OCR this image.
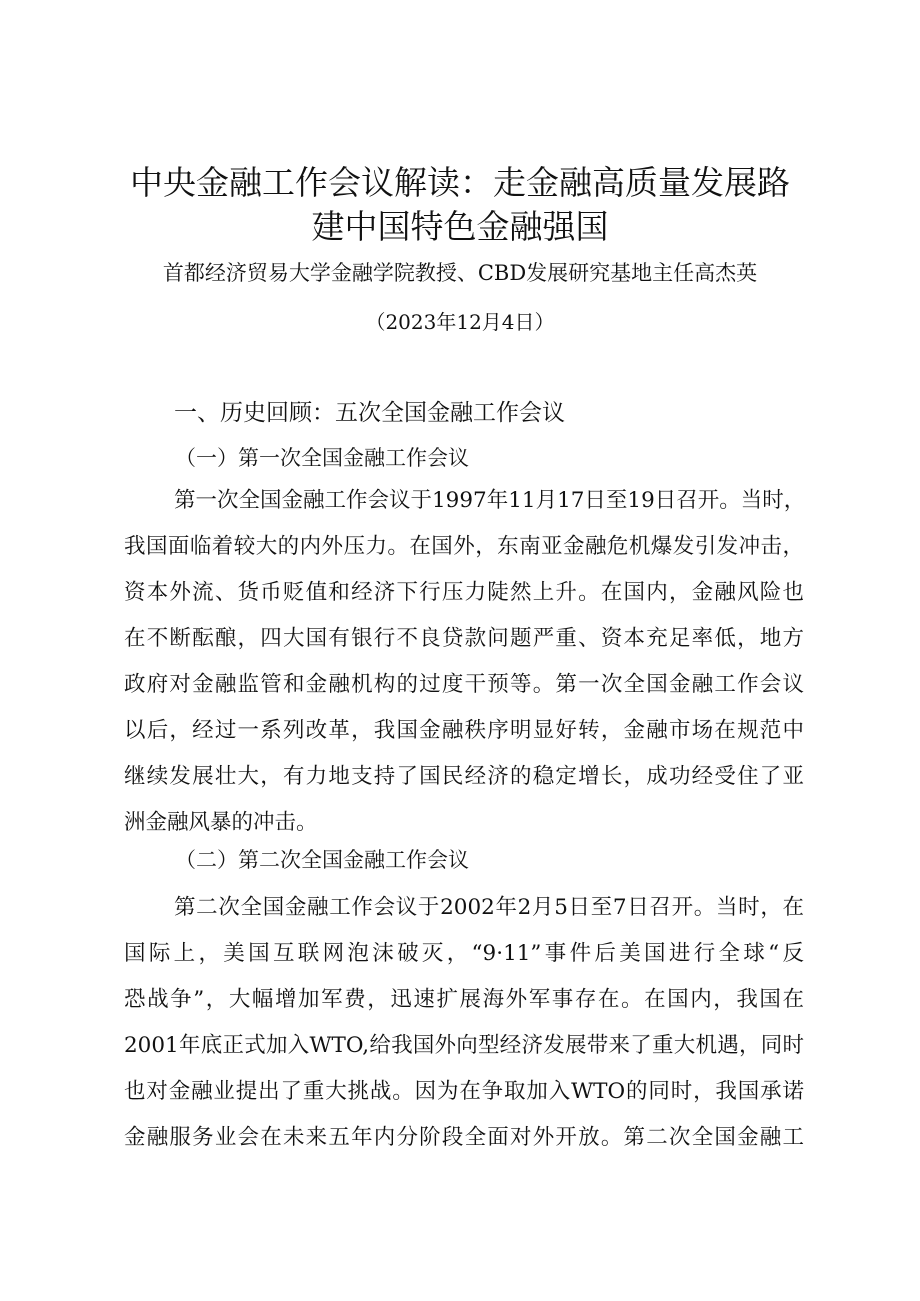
中央金融工作会议解读：走金融高质量发展路
建中国特色金融强国
首都经济贸易大学金融学院教授、CBD发展研究基地主任高杰英
（2023年12月4日）
一、历史回顾：五次全国金融工作会议
（一）第一次全国金融工作会议
第一次全国金融工作会议于1997年11月17日至19日召开。当时，
我国面临着较大的内外压力。在国外，东南亚金融危机爆发引发冲击，
资本外流、货币贬值和经济下行压力陡然上升。在国内，金融风险也
在不断酝酿，四大国有银行不良贷款问题严重、资本充足率低，地方
政府对金融监管和金融机构的过度干预等。第一次全国金融工作会议
以后，经过一系列改革，我国金融秩序明显好转，金融市场在规范中
继续发展壮大，有力地支持了国民经济的稳定增长，成功经受住了亚
洲金融风暴的冲击。
（二）第二次全国金融工作会议
第二次全国金融工作会议于2002年2月5日至7日召开。当时，在
国际上，美国互联网泡沫破灭，“9·11”事件后美国进行全球“反
恐战争”，大幅增加军费，迅速扩展海外军事存在。在国内，我国在
2001年底正式加入WTO,给我国外向型经济发展带来了重大机遇，同时
也对金融业提出了重大挑战。因为在争取加入WTO的同时，我国承诺
金融服务业会在未来五年内分阶段全面对外开放。第二次全国金融工
